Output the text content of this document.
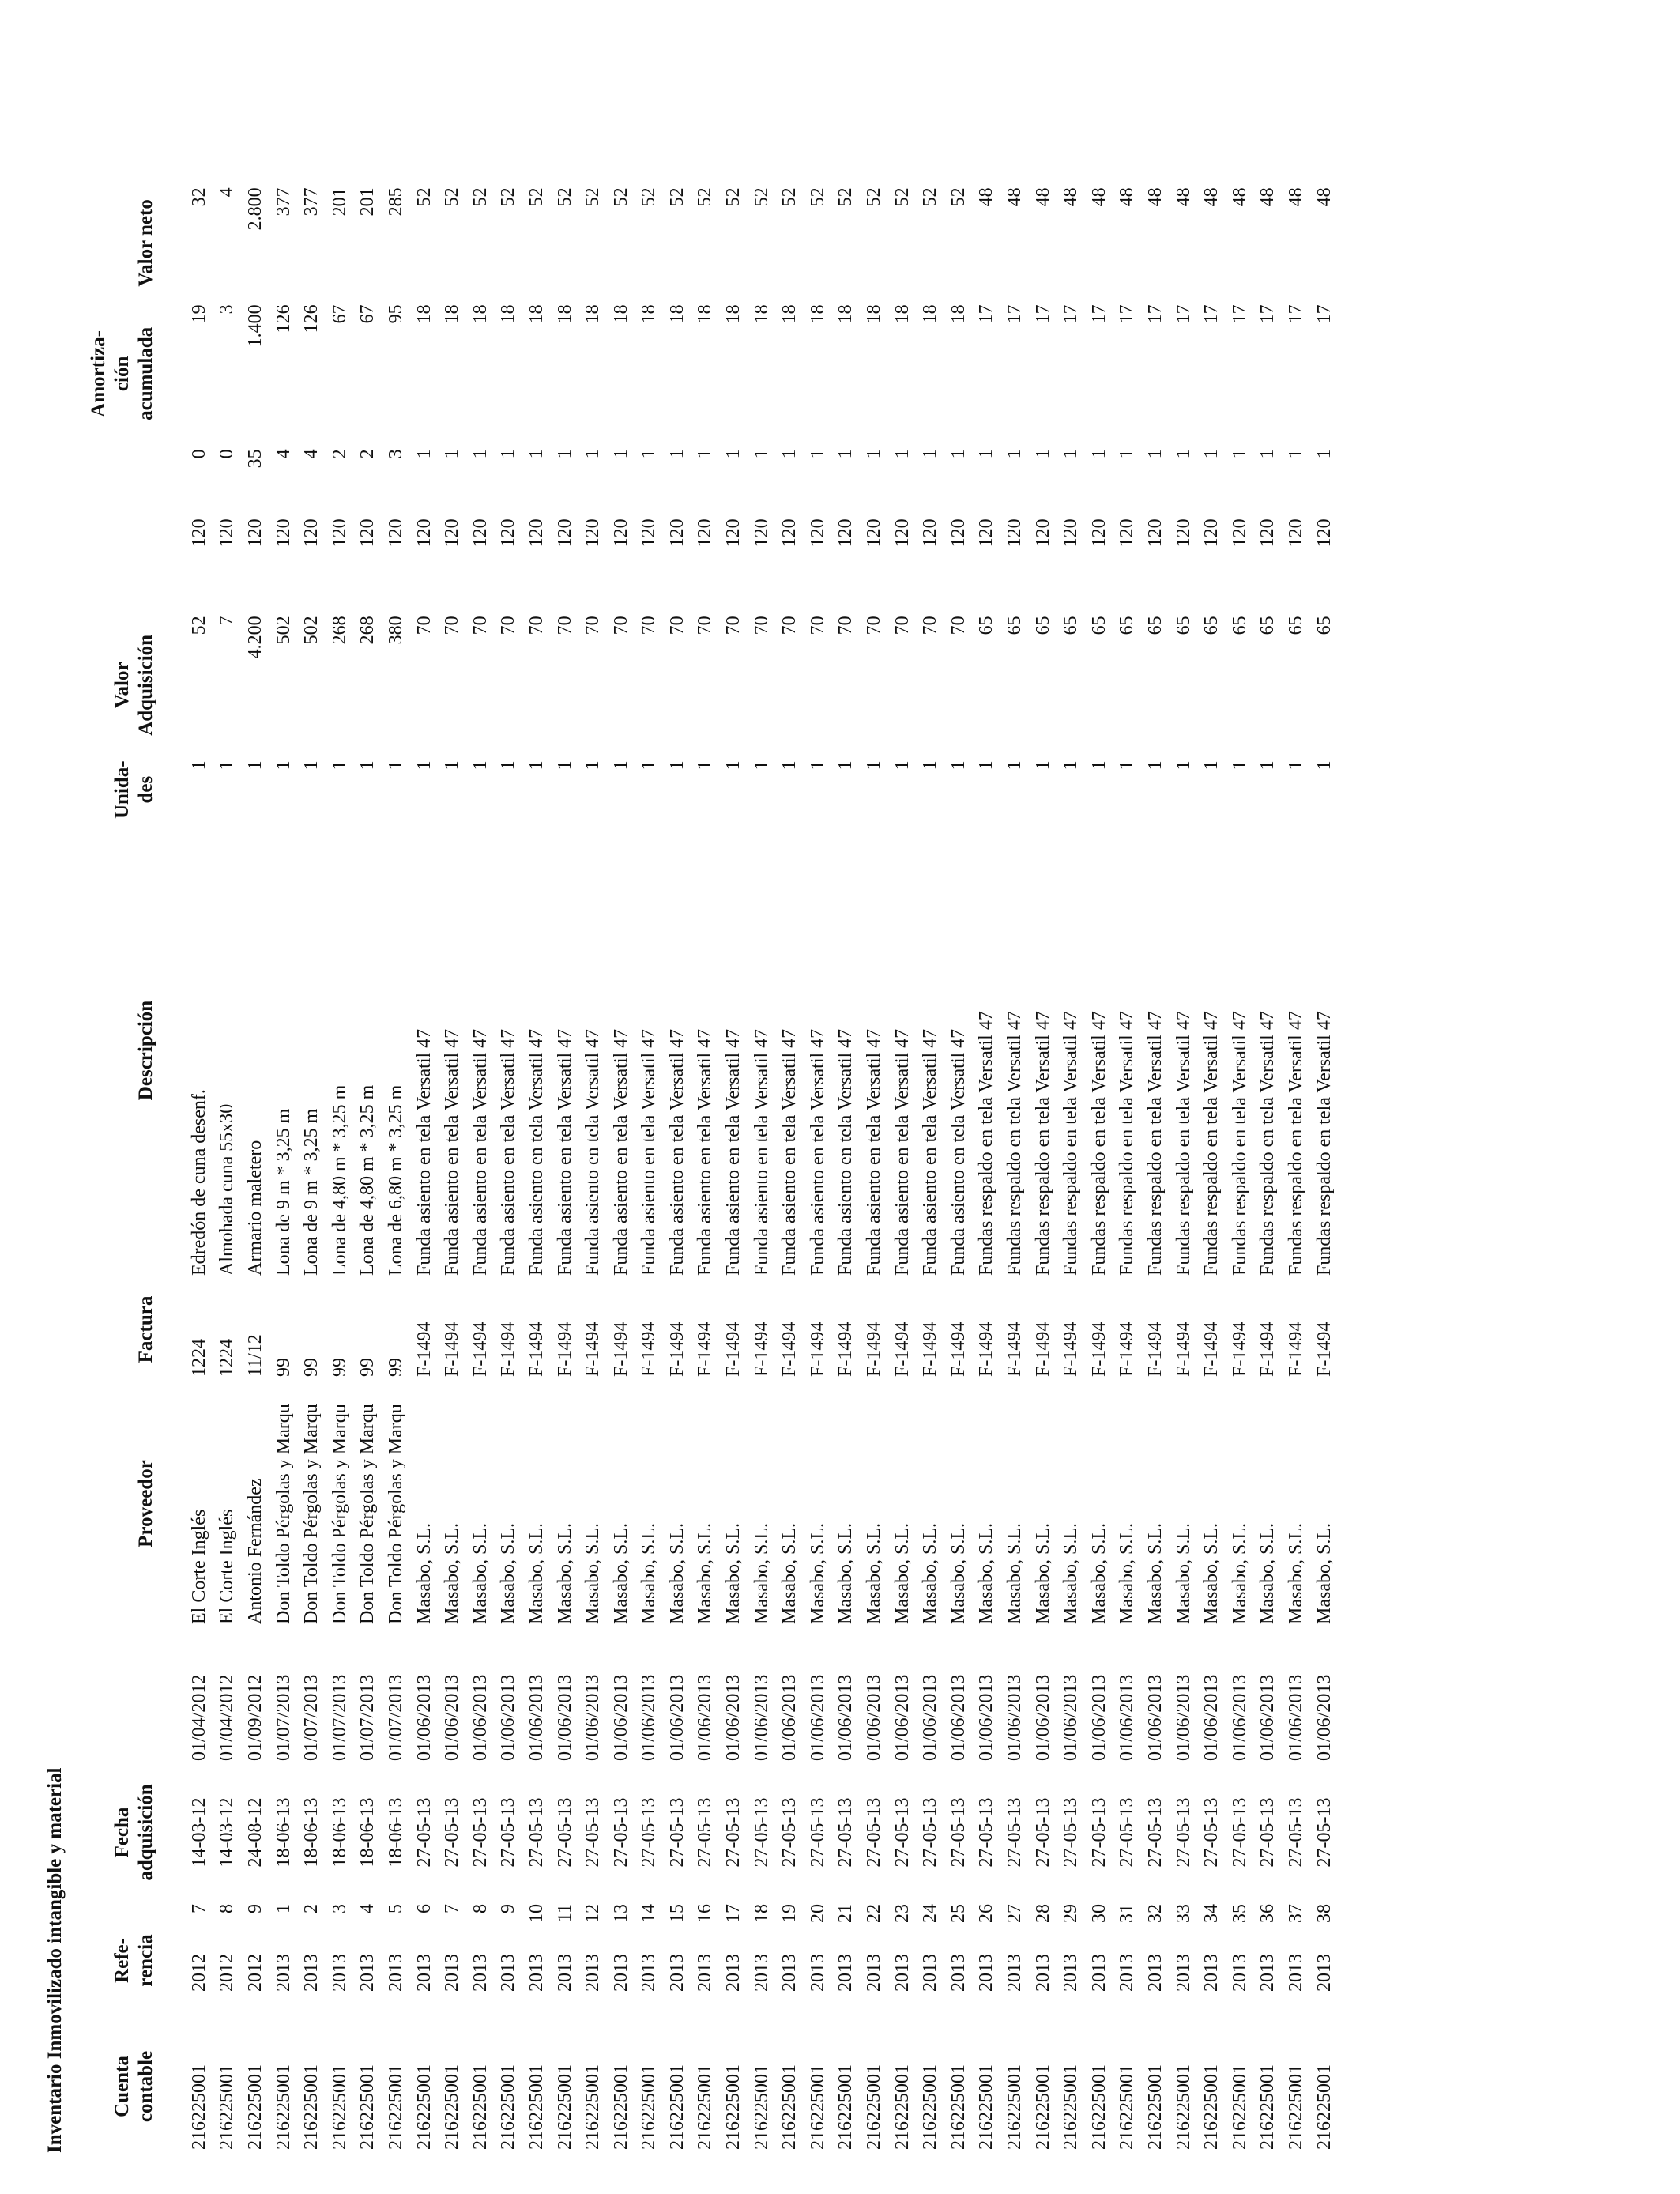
Inventario Inmovilizado intangible y material Cuenta contable	Refe- rencia		Fecha adquisición		Proveedor	Factura	Descripción	Unida- des	Valor Adquisición			Amortiza- ción acumulada	Valor neto
216225001	2012	7	14-03-12	01/04/2012	El Corte Inglés	1224	Edredón de cuna desenf.	1	52	120	0	19	32
216225001	2012	8	14-03-12	01/04/2012	El Corte Inglés	1224	Almohada cuna 55x30	1	7	120	0	3	4
216225001	2012	9	24-08-12	01/09/2012	Antonio Fernández	11/12	Armario maletero	1	4.200	120	35	1.400	2.800
216225001	2013	1	18-06-13	01/07/2013	Don Toldo Pérgolas y Marqu	99	Lona de 9 m * 3,25 m	1	502	120	4	126	377
216225001	2013	2	18-06-13	01/07/2013	Don Toldo Pérgolas y Marqu	99	Lona de 9 m * 3,25 m	1	502	120	4	126	377
216225001	2013	3	18-06-13	01/07/2013	Don Toldo Pérgolas y Marqu	99	Lona de 4,80 m * 3,25 m	1	268	120	2	67	201
216225001	2013	4	18-06-13	01/07/2013	Don Toldo Pérgolas y Marqu	99	Lona de 4,80 m * 3,25 m	1	268	120	2	67	201
216225001	2013	5	18-06-13	01/07/2013	Don Toldo Pérgolas y Marqu	99	Lona de 6,80 m * 3,25 m	1	380	120	3	95	285
216225001	2013	6	27-05-13	01/06/2013	Masabo, S.L.	F-1494	Funda asiento en tela Versatil 47	1	70	120	1	18	52
216225001	2013	7	27-05-13	01/06/2013	Masabo, S.L.	F-1494	Funda asiento en tela Versatil 47	1	70	120	1	18	52
216225001	2013	8	27-05-13	01/06/2013	Masabo, S.L.	F-1494	Funda asiento en tela Versatil 47	1	70	120	1	18	52
216225001	2013	9	27-05-13	01/06/2013	Masabo, S.L.	F-1494	Funda asiento en tela Versatil 47	1	70	120	1	18	52
216225001	2013	10	27-05-13	01/06/2013	Masabo, S.L.	F-1494	Funda asiento en tela Versatil 47	1	70	120	1	18	52
216225001	2013	11	27-05-13	01/06/2013	Masabo, S.L.	F-1494	Funda asiento en tela Versatil 47	1	70	120	1	18	52
216225001	2013	12	27-05-13	01/06/2013	Masabo, S.L.	F-1494	Funda asiento en tela Versatil 47	1	70	120	1	18	52
216225001	2013	13	27-05-13	01/06/2013	Masabo, S.L.	F-1494	Funda asiento en tela Versatil 47	1	70	120	1	18	52
216225001	2013	14	27-05-13	01/06/2013	Masabo, S.L.	F-1494	Funda asiento en tela Versatil 47	1	70	120	1	18	52
216225001	2013	15	27-05-13	01/06/2013	Masabo, S.L.	F-1494	Funda asiento en tela Versatil 47	1	70	120	1	18	52
216225001	2013	16	27-05-13	01/06/2013	Masabo, S.L.	F-1494	Funda asiento en tela Versatil 47	1	70	120	1	18	52
216225001	2013	17	27-05-13	01/06/2013	Masabo, S.L.	F-1494	Funda asiento en tela Versatil 47	1	70	120	1	18	52
216225001	2013	18	27-05-13	01/06/2013	Masabo, S.L.	F-1494	Funda asiento en tela Versatil 47	1	70	120	1	18	52
216225001	2013	19	27-05-13	01/06/2013	Masabo, S.L.	F-1494	Funda asiento en tela Versatil 47	1	70	120	1	18	52
216225001	2013	20	27-05-13	01/06/2013	Masabo, S.L.	F-1494	Funda asiento en tela Versatil 47	1	70	120	1	18	52
216225001	2013	21	27-05-13	01/06/2013	Masabo, S.L.	F-1494	Funda asiento en tela Versatil 47	1	70	120	1	18	52
216225001	2013	22	27-05-13	01/06/2013	Masabo, S.L.	F-1494	Funda asiento en tela Versatil 47	1	70	120	1	18	52
216225001	2013	23	27-05-13	01/06/2013	Masabo, S.L.	F-1494	Funda asiento en tela Versatil 47	1	70	120	1	18	52
216225001	2013	24	27-05-13	01/06/2013	Masabo, S.L.	F-1494	Funda asiento en tela Versatil 47	1	70	120	1	18	52
216225001	2013	25	27-05-13	01/06/2013	Masabo, S.L.	F-1494	Funda asiento en tela Versatil 47	1	70	120	1	18	52
216225001	2013	26	27-05-13	01/06/2013	Masabo, S.L.	F-1494	Fundas respaldo en tela Versatil 47	1	65	120	1	17	48
216225001	2013	27	27-05-13	01/06/2013	Masabo, S.L.	F-1494	Fundas respaldo en tela Versatil 47	1	65	120	1	17	48
216225001	2013	28	27-05-13	01/06/2013	Masabo, S.L.	F-1494	Fundas respaldo en tela Versatil 47	1	65	120	1	17	48
216225001	2013	29	27-05-13	01/06/2013	Masabo, S.L.	F-1494	Fundas respaldo en tela Versatil 47	1	65	120	1	17	48
216225001	2013	30	27-05-13	01/06/2013	Masabo, S.L.	F-1494	Fundas respaldo en tela Versatil 47	1	65	120	1	17	48
216225001	2013	31	27-05-13	01/06/2013	Masabo, S.L.	F-1494	Fundas respaldo en tela Versatil 47	1	65	120	1	17	48
216225001	2013	32	27-05-13	01/06/2013	Masabo, S.L.	F-1494	Fundas respaldo en tela Versatil 47	1	65	120	1	17	48
216225001	2013	33	27-05-13	01/06/2013	Masabo, S.L.	F-1494	Fundas respaldo en tela Versatil 47	1	65	120	1	17	48
216225001	2013	34	27-05-13	01/06/2013	Masabo, S.L.	F-1494	Fundas respaldo en tela Versatil 47	1	65	120	1	17	48
216225001	2013	35	27-05-13	01/06/2013	Masabo, S.L.	F-1494	Fundas respaldo en tela Versatil 47	1	65	120	1	17	48
216225001	2013	36	27-05-13	01/06/2013	Masabo, S.L.	F-1494	Fundas respaldo en tela Versatil 47	1	65	120	1	17	48
216225001	2013	37	27-05-13	01/06/2013	Masabo, S.L.	F-1494	Fundas respaldo en tela Versatil 47	1	65	120	1	17	48
216225001	2013	38	27-05-13	01/06/2013	Masabo, S.L.	F-1494	Fundas respaldo en tela Versatil 47	1	65	120	1	17	48
